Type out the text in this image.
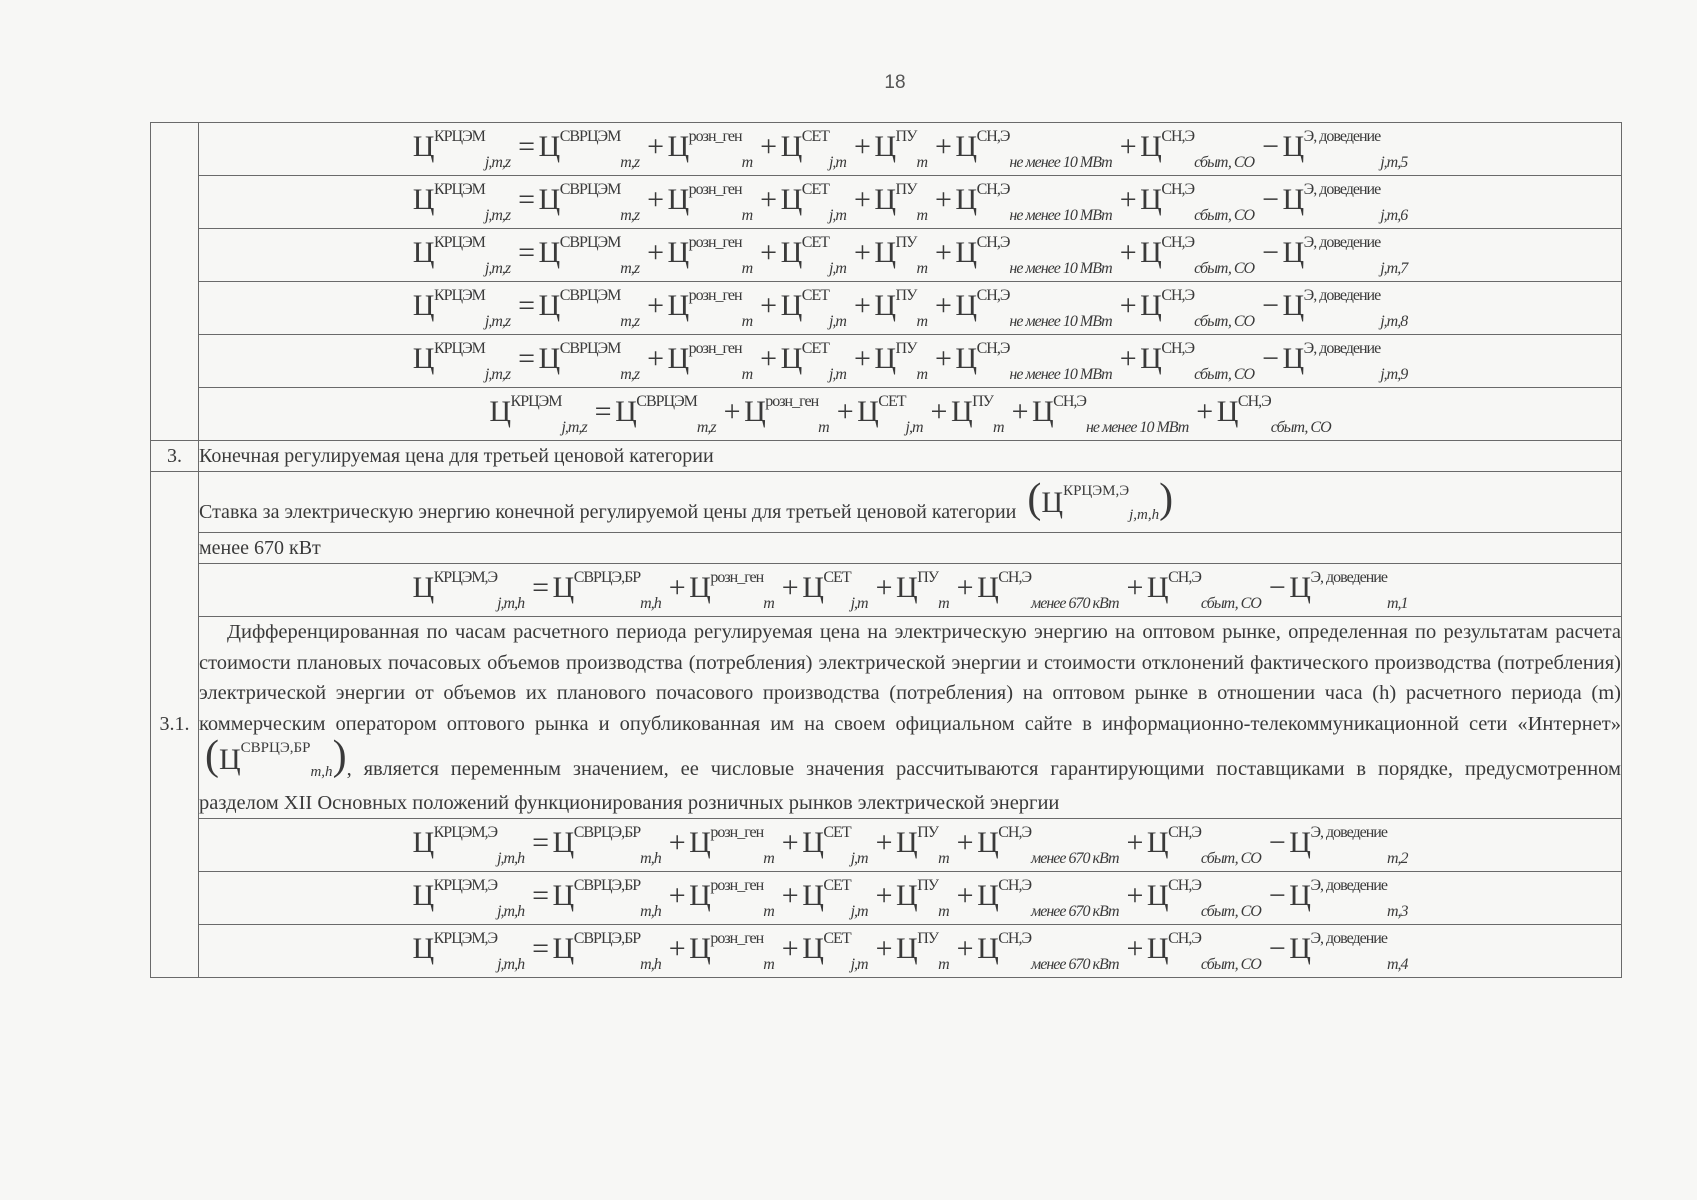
18
	$Ц^{КРЦЭМ}_{j,m,z} = Ц^{СВРЦЭМ}_{m,z} + Ц^{розн\_ген}_m + Ц^{СЕТ}_{j,m} + Ц^{ПУ}_m + Ц^{СН,Э}_{не менее 10 МВт} + Ц^{СН,Э}_{сбыт, СО} - Ц^{Э, доведение}_{j,m,5}$
	$Ц^{КРЦЭМ}_{j,m,z} = Ц^{СВРЦЭМ}_{m,z} + Ц^{розн\_ген}_m + Ц^{СЕТ}_{j,m} + Ц^{ПУ}_m + Ц^{СН,Э}_{не менее 10 МВт} + Ц^{СН,Э}_{сбыт, СО} - Ц^{Э, доведение}_{j,m,6}$
	$Ц^{КРЦЭМ}_{j,m,z} = Ц^{СВРЦЭМ}_{m,z} + Ц^{розн\_ген}_m + Ц^{СЕТ}_{j,m} + Ц^{ПУ}_m + Ц^{СН,Э}_{не менее 10 МВт} + Ц^{СН,Э}_{сбыт, СО} - Ц^{Э, доведение}_{j,m,7}$
	$Ц^{КРЦЭМ}_{j,m,z} = Ц^{СВРЦЭМ}_{m,z} + Ц^{розн\_ген}_m + Ц^{СЕТ}_{j,m} + Ц^{ПУ}_m + Ц^{СН,Э}_{не менее 10 МВт} + Ц^{СН,Э}_{сбыт, СО} - Ц^{Э, доведение}_{j,m,8}$
	$Ц^{КРЦЭМ}_{j,m,z} = Ц^{СВРЦЭМ}_{m,z} + Ц^{розн\_ген}_m + Ц^{СЕТ}_{j,m} + Ц^{ПУ}_m + Ц^{СН,Э}_{не менее 10 МВт} + Ц^{СН,Э}_{сбыт, СО} - Ц^{Э, доведение}_{j,m,9}$
	$Ц^{КРЦЭМ}_{j,m,z} = Ц^{СВРЦЭМ}_{m,z} + Ц^{розн\_ген}_m + Ц^{СЕТ}_{j,m} + Ц^{ПУ}_m + Ц^{СН,Э}_{не менее 10 МВт} + Ц^{СН,Э}_{сбыт, СО}$
3.	Конечная регулируемая цена для третьей ценовой категории
3.1.	Ставка за электрическую энергию конечной регулируемой цены для третьей ценовой категории $(Ц^{КРЦЭМ,Э}_{j,m,h})$
	менее 670 кВт
	$Ц^{КРЦЭМ,Э}_{j,m,h} = Ц^{СВРЦЭ,БР}_{m,h} + Ц^{розн\_ген}_m + Ц^{СЕТ}_{j,m} + Ц^{ПУ}_m + Ц^{СН,Э}_{менее 670 кВт} + Ц^{СН,Э}_{сбыт, СО} - Ц^{Э, доведение}_{m,1}$
	Дифференцированная по часам расчетного периода регулируемая цена на электрическую энергию на оптовом рынке, определенная по результатам расчета стоимости плановых почасовых объемов производства (потребления) электрической энергии и стоимости отклонений фактического производства (потребления) электрической энергии от объемов их планового почасового производства (потребления) на оптовом рынке в отношении часа (h) расчетного периода (m) коммерческим оператором оптового рынка и опубликованная им на своем официальном сайте в информационно-телекоммуникационной сети «Интернет» $(Ц^{СВРЦЭ,БР}_{m,h})$, является переменным значением, ее числовые значения рассчитываются гарантирующими поставщиками в порядке, предусмотренном разделом XII Основных положений функционирования розничных рынков электрической энергии
	$Ц^{КРЦЭМ,Э}_{j,m,h} = Ц^{СВРЦЭ,БР}_{m,h} + Ц^{розн\_ген}_m + Ц^{СЕТ}_{j,m} + Ц^{ПУ}_m + Ц^{СН,Э}_{менее 670 кВт} + Ц^{СН,Э}_{сбыт, СО} - Ц^{Э, доведение}_{m,2}$
	$Ц^{КРЦЭМ,Э}_{j,m,h} = Ц^{СВРЦЭ,БР}_{m,h} + Ц^{розн\_ген}_m + Ц^{СЕТ}_{j,m} + Ц^{ПУ}_m + Ц^{СН,Э}_{менее 670 кВт} + Ц^{СН,Э}_{сбыт, СО} - Ц^{Э, доведение}_{m,3}$
	$Ц^{КРЦЭМ,Э}_{j,m,h} = Ц^{СВРЦЭ,БР}_{m,h} + Ц^{розн\_ген}_m + Ц^{СЕТ}_{j,m} + Ц^{ПУ}_m + Ц^{СН,Э}_{менее 670 кВт} + Ц^{СН,Э}_{сбыт, СО} - Ц^{Э, доведение}_{m,4}$
